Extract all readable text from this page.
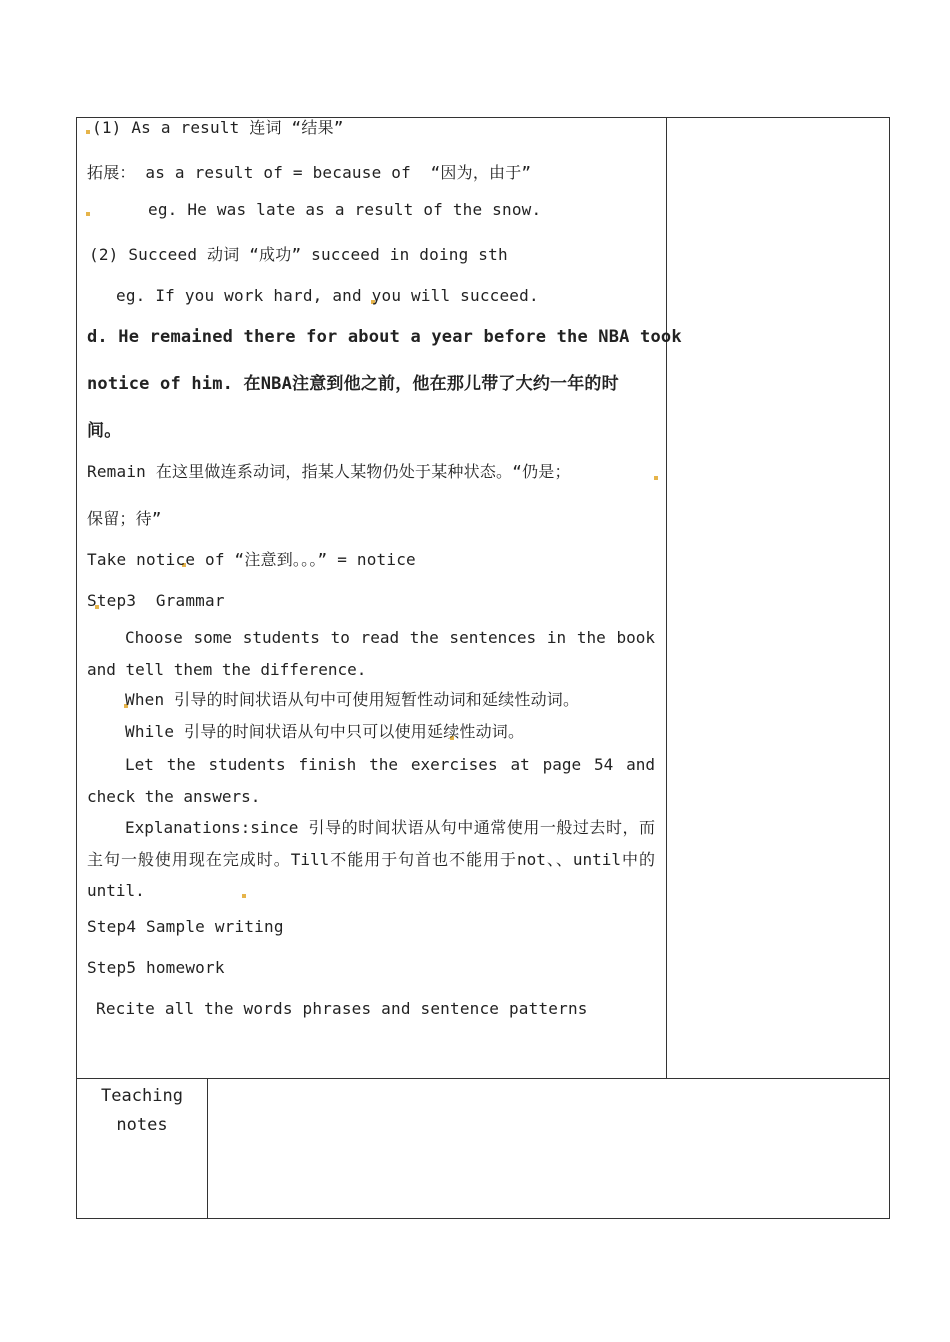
(1) As a result 连词 “结果”
拓展： as a result of = because of  “因为，由于”
eg. He was late as a result of the snow.
(2) Succeed 动词 “成功” succeed in doing sth
eg. If you work hard, and you will succeed.
d. He remained there for about a year before the NBA took
notice of him. 在NBA注意到他之前，他在那儿带了大约一年的时
间。
Remain 在这里做连系动词，指某人某物仍处于某种状态。“仍是；
保留；待”
Take notice of “注意到。。。” = notice
Step3  Grammar
Choose some students to read the sentences in the book and tell them the difference.
When 引导的时间状语从句中可使用短暂性动词和延续性动词。
While 引导的时间状语从句中只可以使用延续性动词。
Let the students finish the exercises at page 54 and check the answers.
Explanations:since 引导的时间状语从句中通常使用一般过去时，而主句一般使用现在完成时。Till不能用于句首也不能用于not、、until中的until.
Step4 Sample writing
Step5 homework
Recite all the words phrases and sentence patterns
Teaching
notes
